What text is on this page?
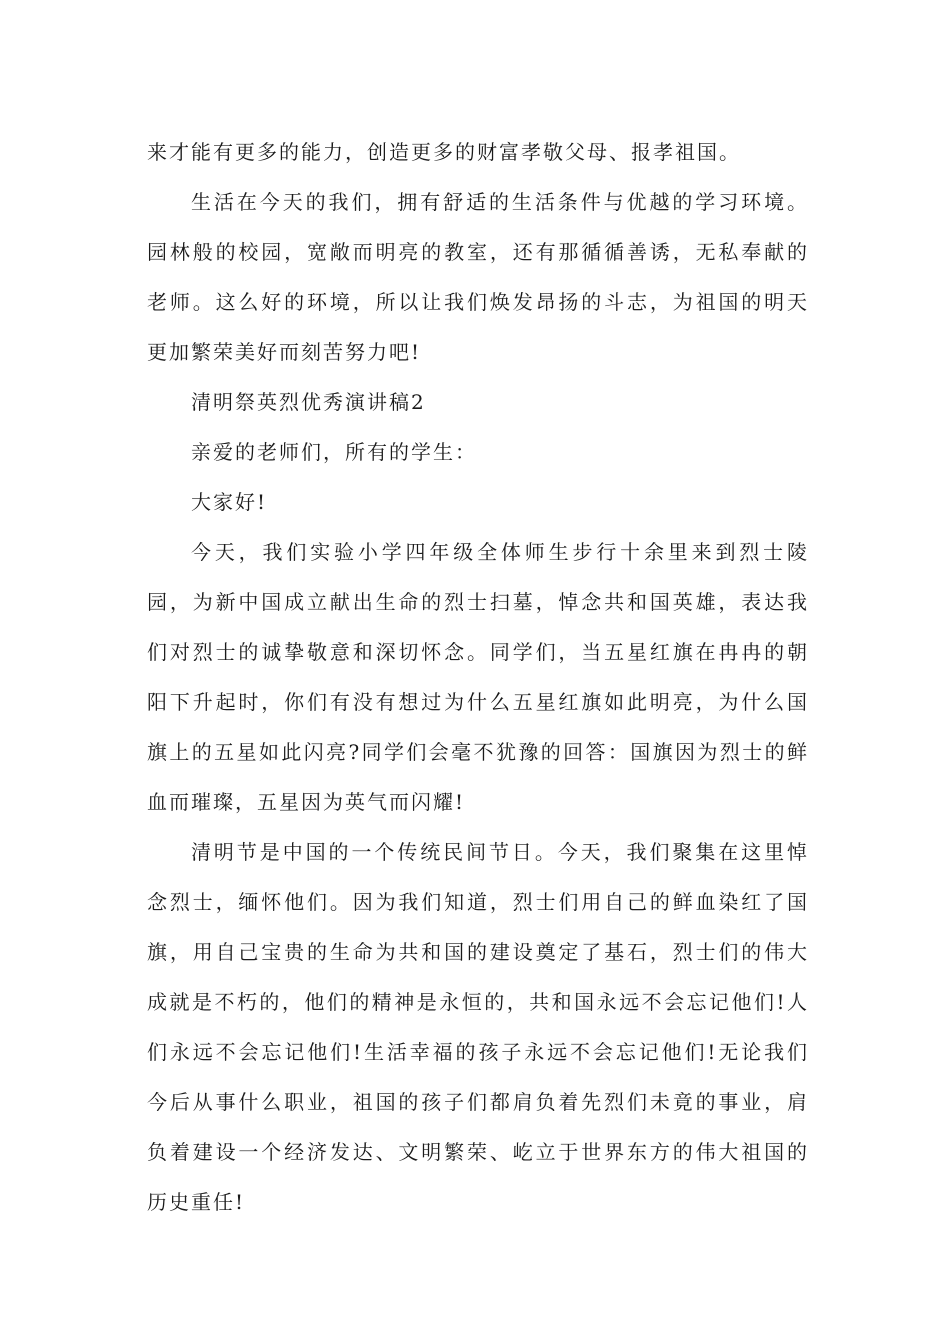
来才能有更多的能力，创造更多的财富孝敬父母、报孝祖国。
生活在今天的我们，拥有舒适的生活条件与优越的学习环境。
园林般的校园，宽敞而明亮的教室，还有那循循善诱，无私奉献的
老师。这么好的环境，所以让我们焕发昂扬的斗志，为祖国的明天
更加繁荣美好而刻苦努力吧!
清明祭英烈优秀演讲稿2
亲爱的老师们，所有的学生：
大家好!
今天，我们实验小学四年级全体师生步行十余里来到烈士陵
园，为新中国成立献出生命的烈士扫墓，悼念共和国英雄，表达我
们对烈士的诚挚敬意和深切怀念。同学们，当五星红旗在冉冉的朝
阳下升起时，你们有没有想过为什么五星红旗如此明亮，为什么国
旗上的五星如此闪亮?同学们会毫不犹豫的回答：国旗因为烈士的鲜
血而璀璨，五星因为英气而闪耀!
清明节是中国的一个传统民间节日。今天，我们聚集在这里悼
念烈士，缅怀他们。因为我们知道，烈士们用自己的鲜血染红了国
旗，用自己宝贵的生命为共和国的建设奠定了基石，烈士们的伟大
成就是不朽的，他们的精神是永恒的，共和国永远不会忘记他们!人
们永远不会忘记他们!生活幸福的孩子永远不会忘记他们!无论我们
今后从事什么职业，祖国的孩子们都肩负着先烈们未竟的事业，肩
负着建设一个经济发达、文明繁荣、屹立于世界东方的伟大祖国的
历史重任!
